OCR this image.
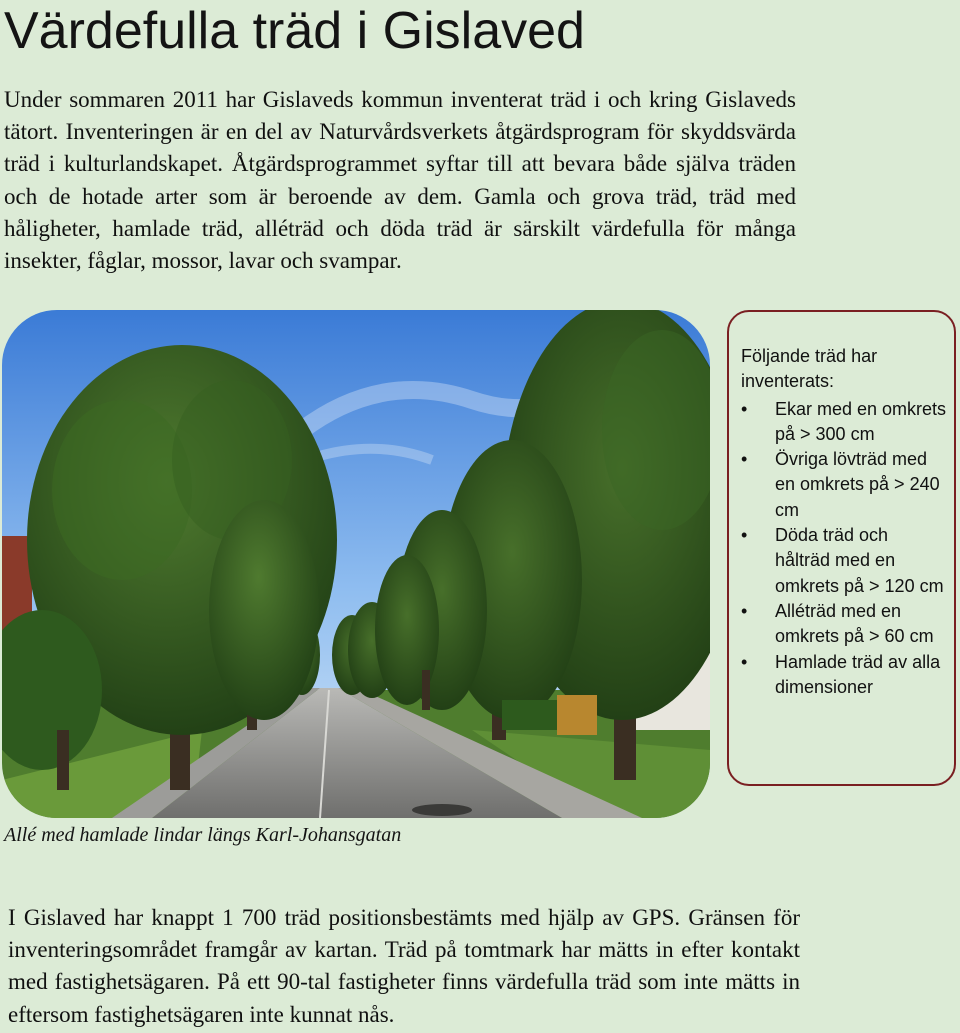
Värdefulla träd i Gislaved

Under sommaren 2011 har Gislaveds kommun inventerat träd i och kring Gislaveds tätort. Inventeringen är en del av Naturvårdsverkets åtgärdsprogram för skyddsvärda träd i kulturlandskapet. Åtgärdsprogrammet syftar till att bevara både själva träden och de hotade arter som är beroende av dem. Gamla och grova träd, träd med håligheter, hamlade träd, alléträd och döda träd är särskilt värdefulla för många insekter, fåglar, mossor, lavar och svampar.

Allé med hamlade lindar längs Karl-Johansgatan
Följande träd har inventerats:
•	Ekar med en omkrets på > 300 cm
•	Övriga lövträd med en omkrets på > 240 cm
•	Döda träd och hålträd med en omkrets på > 120 cm
•	Alléträd med en omkrets på > 60 cm
•	Hamlade träd av alla dimensioner

I Gislaved har knappt 1 700 träd positionsbestämts med hjälp av GPS. Gränsen för inventeringsområdet framgår av kartan. Träd på tomtmark har mätts in efter kontakt med fastighetsägaren. På ett 90-tal fastigheter finns värdefulla träd som inte mätts in eftersom fastighetsägaren inte kunnat nås.
